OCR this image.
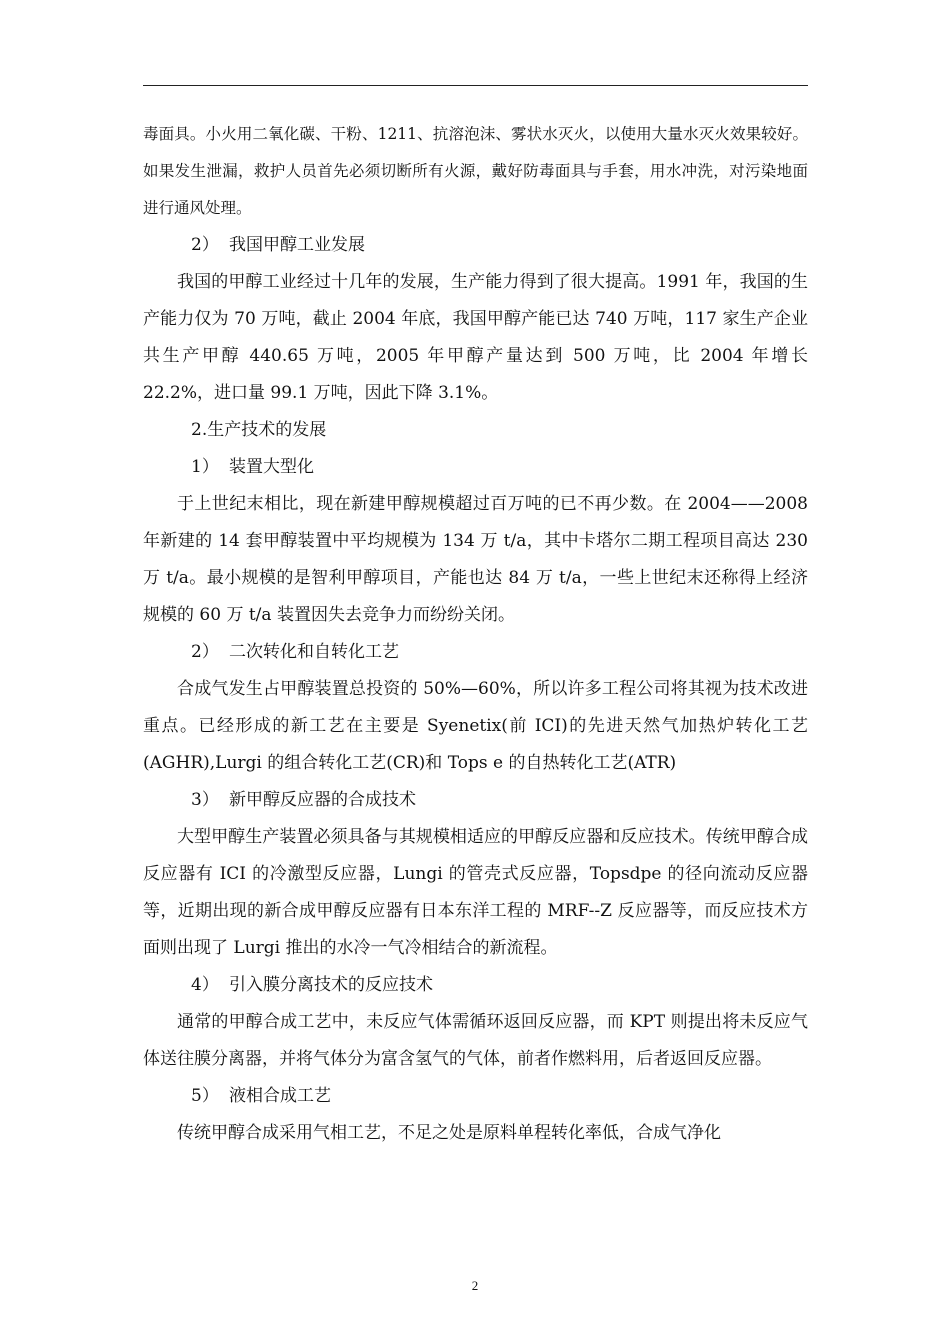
毒面具。小火用二氧化碳、干粉、1211、抗溶泡沫、雾状水灭火，以使用大量水灭火效果较好。如果发生泄漏，救护人员首先必须切断所有火源，戴好防毒面具与手套，用水冲洗，对污染地面进行通风处理。

2） 我国甲醇工业发展

我国的甲醇工业经过十几年的发展，生产能力得到了很大提高。1991 年，我国的生产能力仅为 70 万吨，截止 2004 年底，我国甲醇产能已达 740 万吨，117 家生产企业共生产甲醇 440.65 万吨，2005 年甲醇产量达到 500 万吨，比 2004 年增长 22.2%，进口量 99.1 万吨，因此下降 3.1%。

2.生产技术的发展

1） 装置大型化

于上世纪末相比，现在新建甲醇规模超过百万吨的已不再少数。在 2004——2008 年新建的 14 套甲醇装置中平均规模为 134 万 t/a，其中卡塔尔二期工程项目高达 230 万 t/a。最小规模的是智利甲醇项目，产能也达 84 万 t/a，一些上世纪末还称得上经济规模的 60 万 t/a 装置因失去竞争力而纷纷关闭。

2） 二次转化和自转化工艺

合成气发生占甲醇装置总投资的 50%—60%，所以许多工程公司将其视为技术改进重点。已经形成的新工艺在主要是 Syenetix(前 ICI)的先进天然气加热炉转化工艺(AGHR),Lurgi 的组合转化工艺(CR)和 Tops e 的自热转化工艺(ATR)

3） 新甲醇反应器的合成技术

大型甲醇生产装置必须具备与其规模相适应的甲醇反应器和反应技术。传统甲醇合成反应器有 ICI 的冷激型反应器，Lungi 的管壳式反应器，Topsdpe 的径向流动反应器等，近期出现的新合成甲醇反应器有日本东洋工程的 MRF--Z 反应器等，而反应技术方面则出现了 Lurgi 推出的水冷一气冷相结合的新流程。

4） 引入膜分离技术的反应技术

通常的甲醇合成工艺中，未反应气体需循环返回反应器，而 KPT 则提出将未反应气体送往膜分离器，并将气体分为富含氢气的气体，前者作燃料用，后者返回反应器。

5） 液相合成工艺

传统甲醇合成采用气相工艺，不足之处是原料单程转化率低，合成气净化

2
